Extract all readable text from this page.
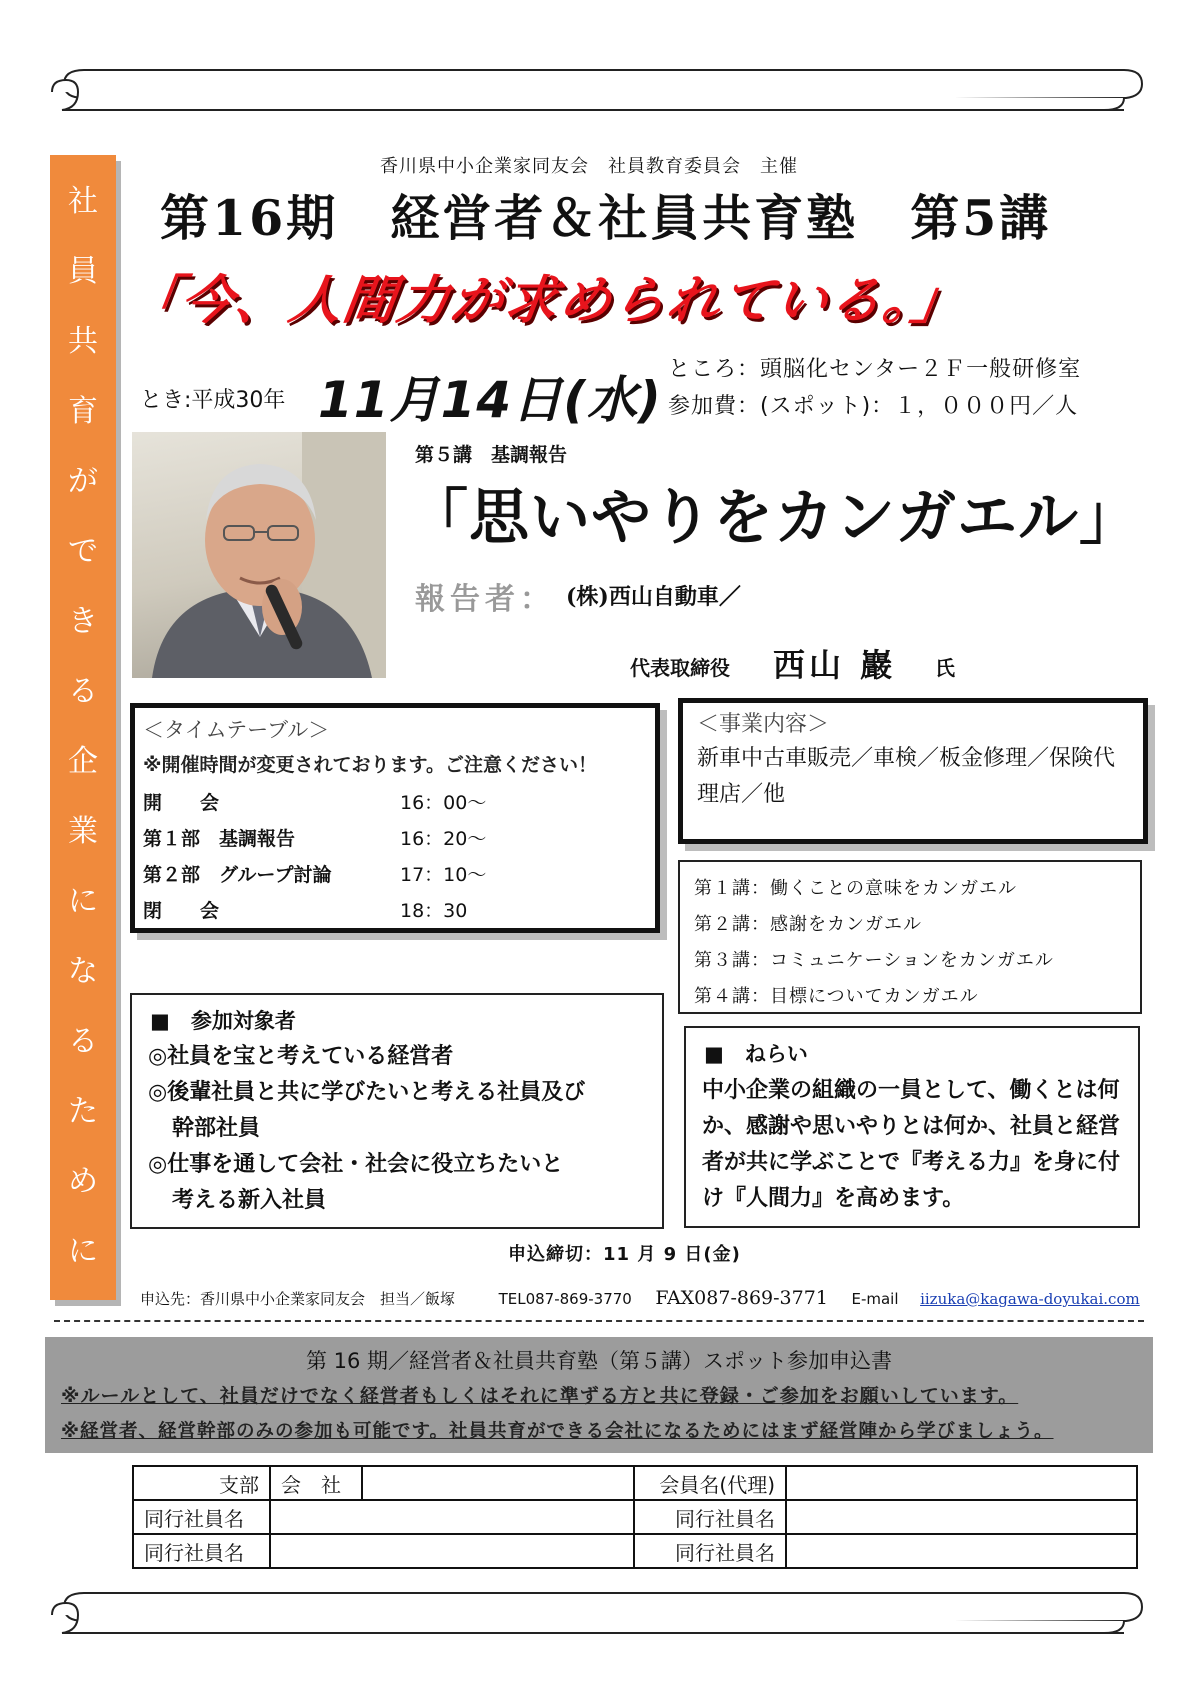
社
員
共
育
が
で
き
る
企
業
に
な
る
た
め
に
香川県中小企業家同友会　社員教育委員会　主催
第16期　経営者＆社員共育塾　第5講
「今、人間力が求められている。」
とき:平成30年 11月14日(水)
ところ：頭脳化センター２Ｆ一般研修室
参加費：(スポット)：１，０００円／人
第５講　基調報告
「思いやりをカンガエル」
報告者： (株)西山自動車／
代表取締役 西山 巖 氏
＜タイムテーブル＞
※開催時間が変更されております。ご注意ください！
開　　会	16：00～
第１部　基調報告	16：20～
第２部　グループ討論	17：10～
閉　　会	18：30
＜事業内容＞
新車中古車販売／車検／板金修理／保険代理店／他
第１講：働くことの意味をカンガエル
第２講：感謝をカンガエル
第３講：コミュニケーションをカンガエル
第４講：目標についてカンガエル
■　参加対象者
◎社員を宝と考えている経営者
◎後輩社員と共に学びたいと考える社員及び
幹部社員
◎仕事を通して会社・社会に役立ちたいと
考える新入社員
■　ねらい
中小企業の組織の一員として、働くとは何か、感謝や思いやりとは何か、社員と経営者が共に学ぶことで『考える力』を身に付け『人間力』を高めます。
申込締切：11 月 9 日(金)
申込先：香川県中小企業家同友会　担当／飯塚	TEL087-869-3770 FAX087-869-3771 E-mail iizuka@kagawa-doyukai.com
第 16 期／経営者＆社員共育塾（第５講）スポット参加申込書
※ルールとして、社員だけでなく経営者もしくはそれに準ずる方と共に登録・ご参加をお願いしています。
※経営者、経営幹部のみの参加も可能です。社員共育ができる会社になるためにはまず経営陣から学びましょう。
支部	会　社		会員名(代理)	
同行社員名			同行社員名	
同行社員名			同行社員名	
